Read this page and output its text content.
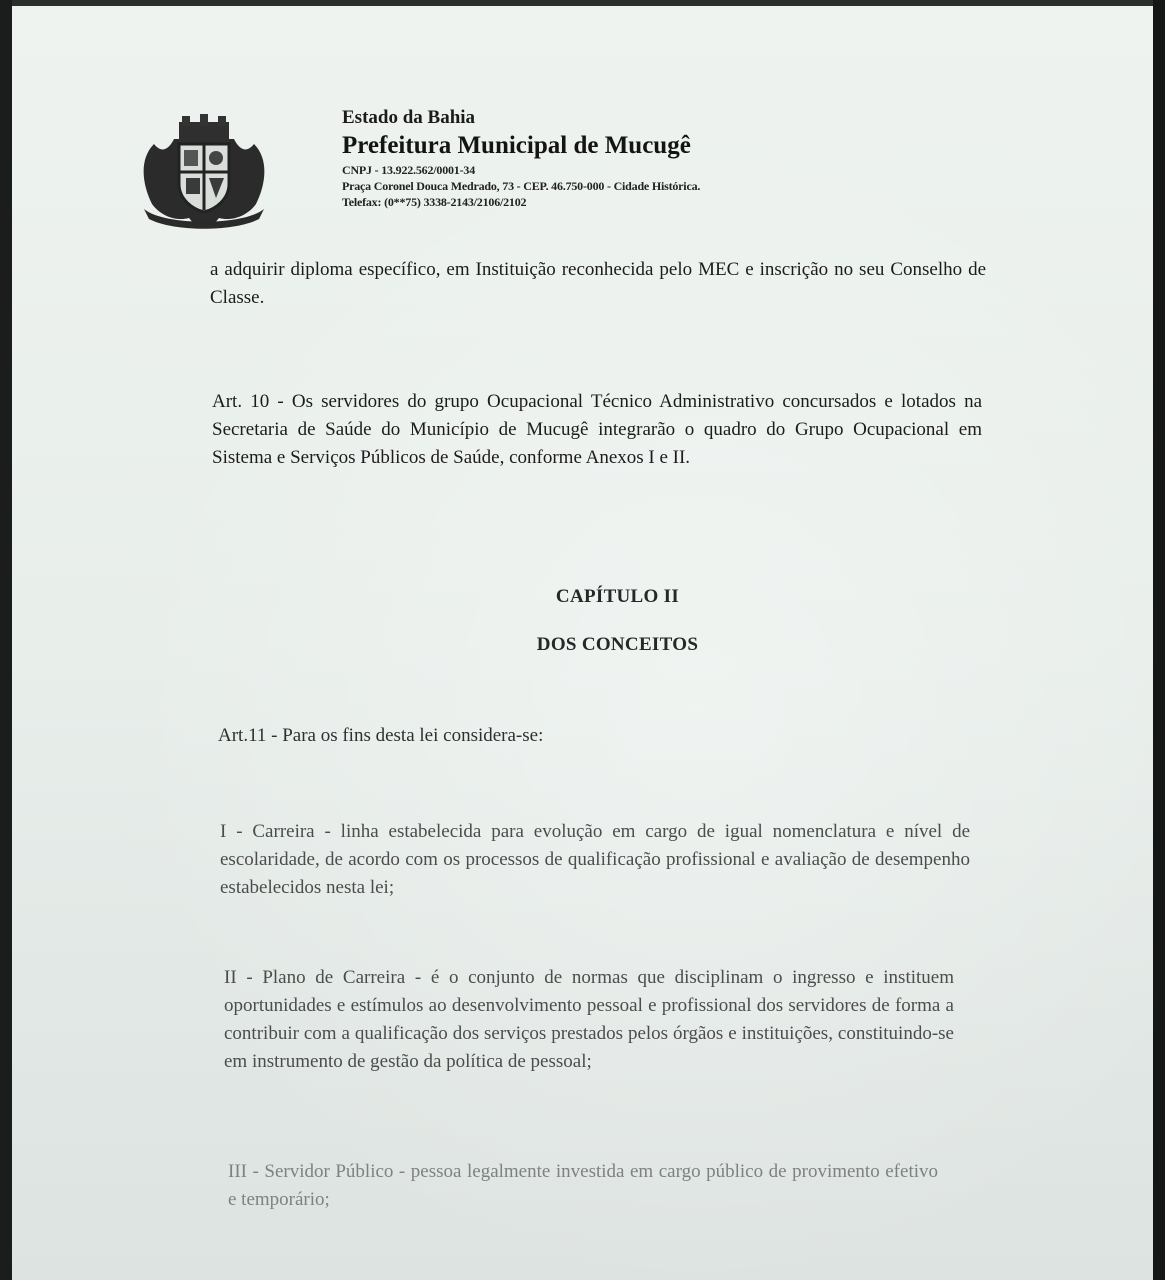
Estado da Bahia
Prefeitura Municipal de Mucugê
CNPJ - 13.922.562/0001-34
Praça Coronel Douca Medrado, 73 - CEP. 46.750-000 - Cidade Histórica.
Telefax: (0**75) 3338-2143/2106/2102

a adquirir diploma específico, em Instituição reconhecida pelo MEC e inscrição no seu Conselho de Classe.

Art. 10 - Os servidores do grupo Ocupacional Técnico Administrativo concursados e lotados na Secretaria de Saúde do Município de Mucugê integrarão o quadro do Grupo Ocupacional em Sistema e Serviços Públicos de Saúde, conforme Anexos I e II.

CAPÍTULO II
DOS CONCEITOS

Art.11 - Para os fins desta lei considera-se:

I - Carreira - linha estabelecida para evolução em cargo de igual nomenclatura e nível de escolaridade, de acordo com os processos de qualificação profissional e avaliação de desempenho estabelecidos nesta lei;

II - Plano de Carreira - é o conjunto de normas que disciplinam o ingresso e instituem oportunidades e estímulos ao desenvolvimento pessoal e profissional dos servidores de forma a contribuir com a qualificação dos serviços prestados pelos órgãos e instituições, constituindo-se em instrumento de gestão da política de pessoal;

III - Servidor Público - pessoa legalmente investida em cargo público de provimento efetivo e temporário;
